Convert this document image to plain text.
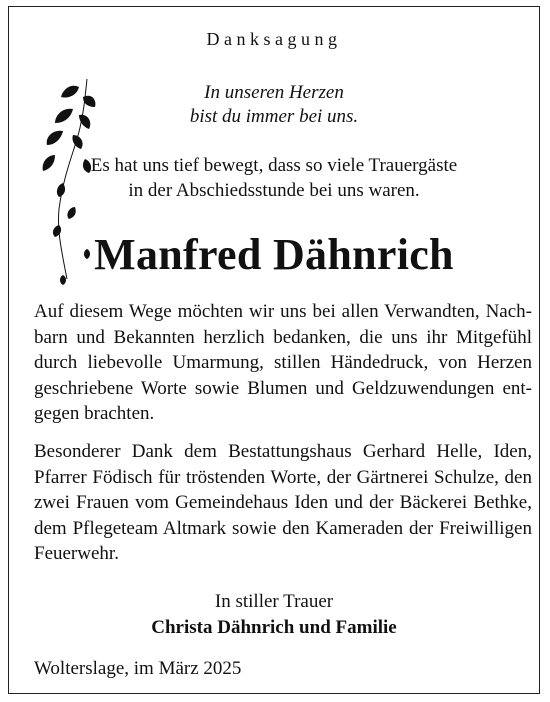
Danksagung
In unseren Herzen
bist du immer bei uns.
Es hat uns tief bewegt, dass so viele Trauergäste
in der Abschiedsstunde bei uns waren.
Manfred Dähnrich
Auf diesem Wege möchten wir uns bei allen Verwandten, Nachbarn und Bekannten herzlich bedanken, die uns ihr Mitgefühl durch liebevolle Umarmung, stillen Händedruck, von Herzen geschriebene Worte sowie Blumen und Geldzuwendungen entgegen brachten.
Besonderer Dank dem Bestattungshaus Gerhard Helle, Iden, Pfarrer Födisch für tröstenden Worte, der Gärtnerei Schulze, den zwei Frauen vom Gemeindehaus Iden und der Bäckerei Bethke, dem Pflegeteam Altmark sowie den Kameraden der Freiwilligen Feuerwehr.
In stiller Trauer
Christa Dähnrich und Familie
Wolterslage, im März 2025
